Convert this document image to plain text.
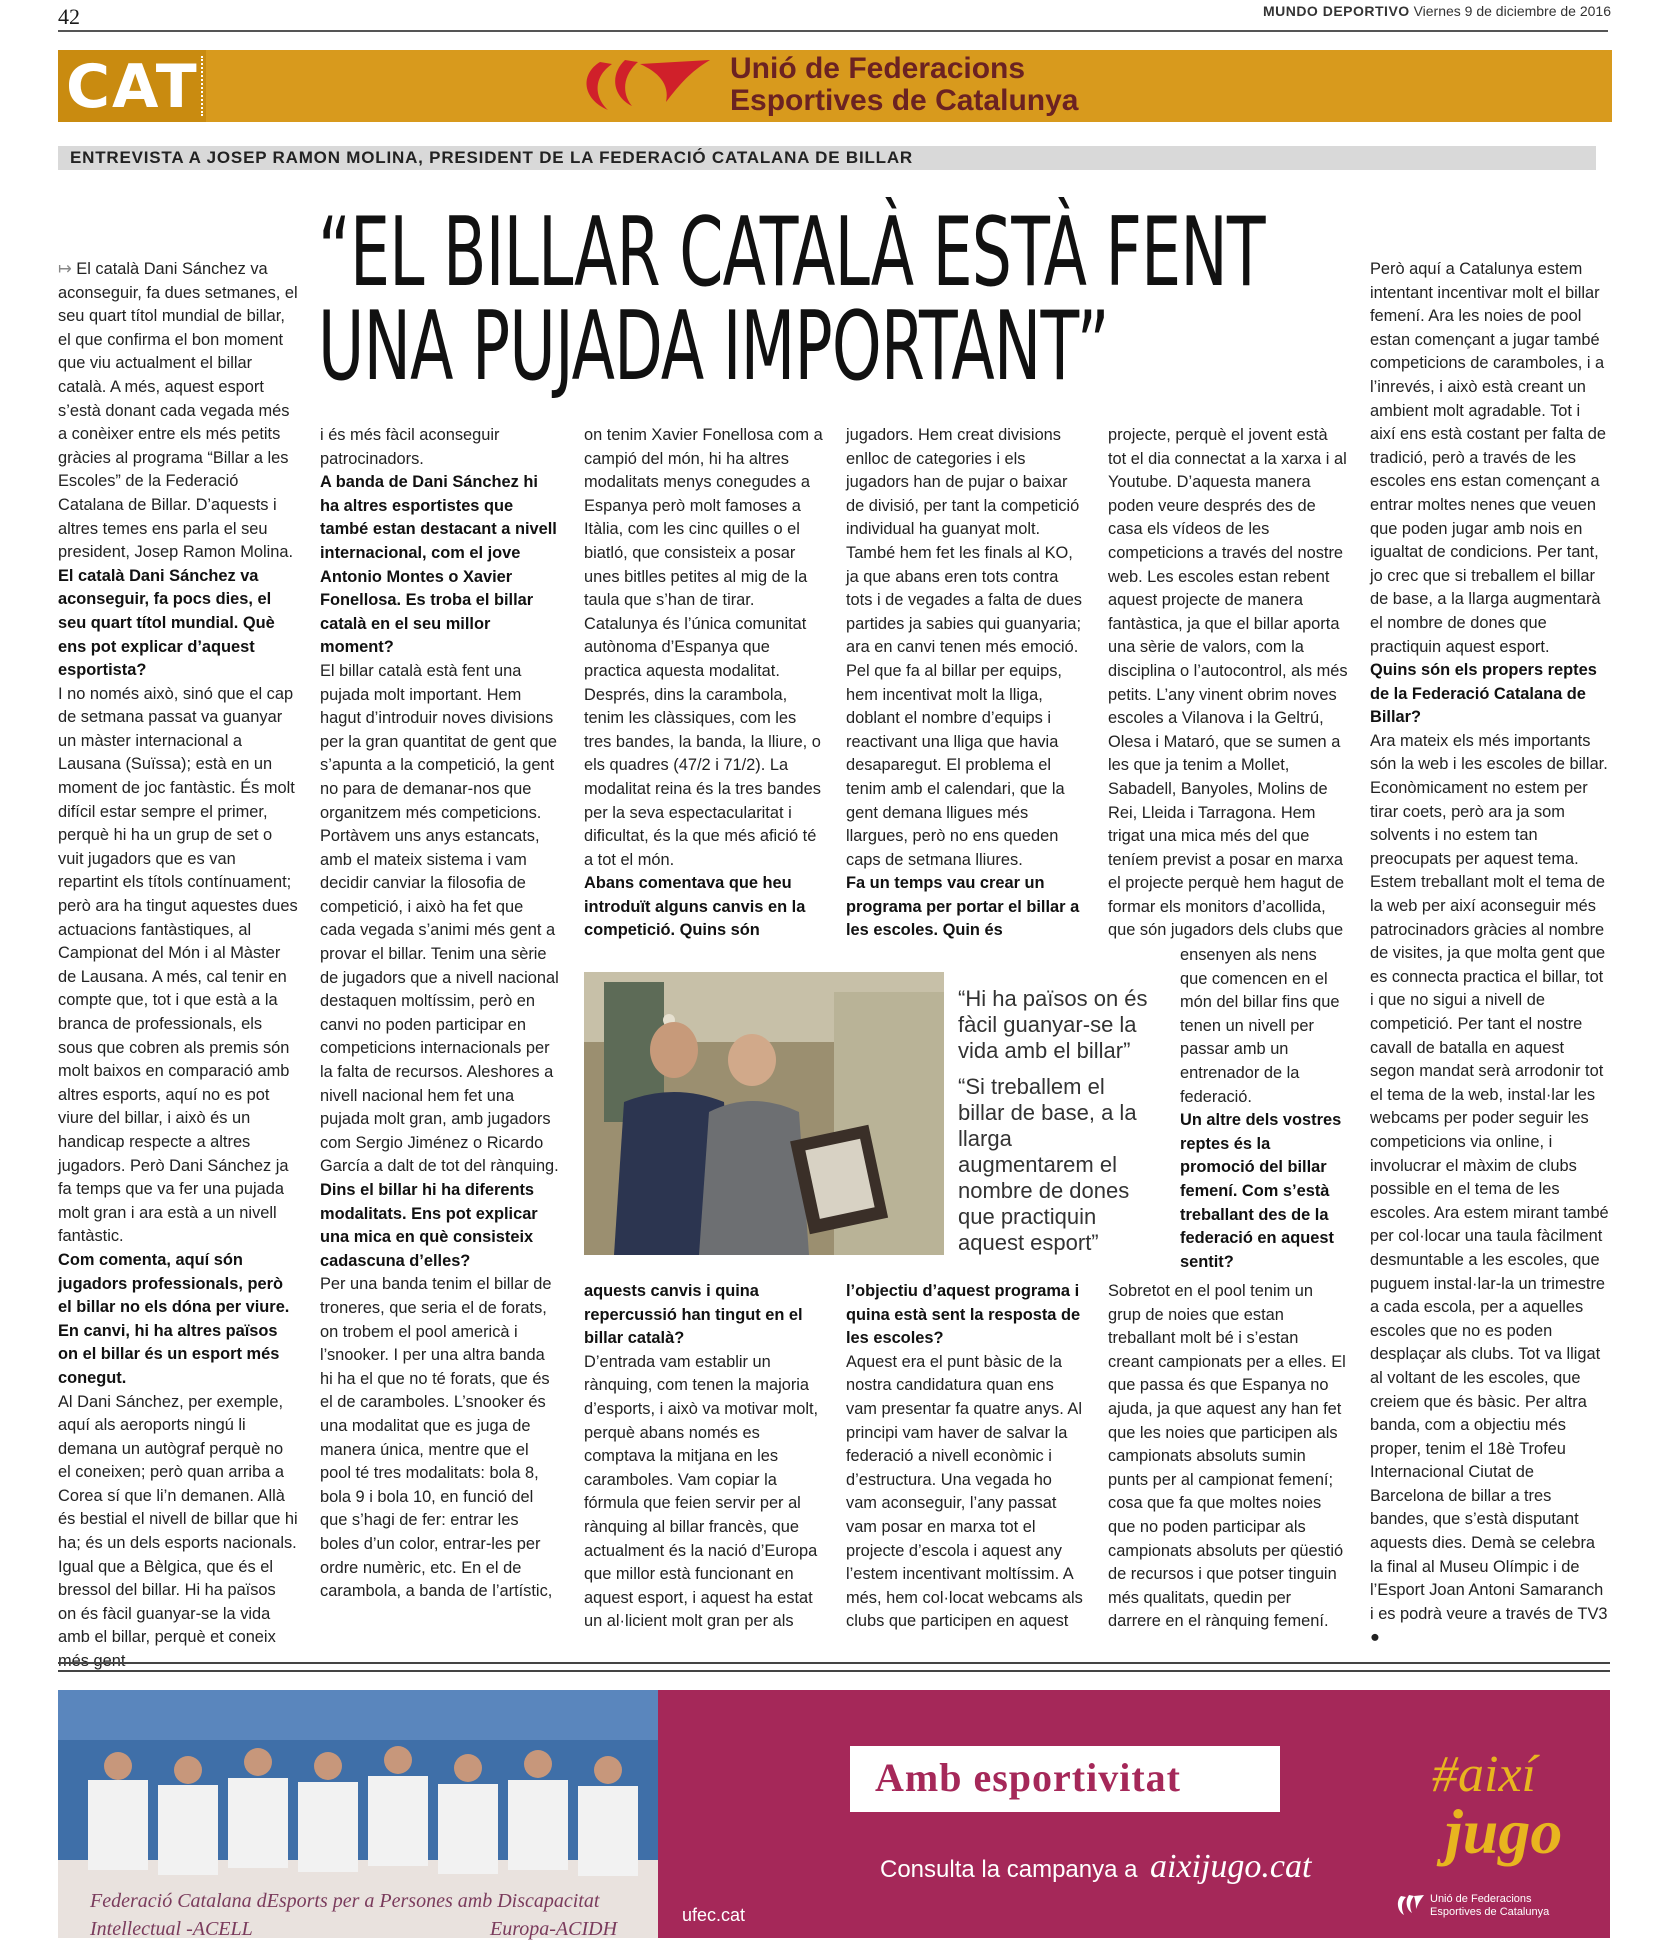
42	MUNDO DEPORTIVO Viernes 9 de diciembre de 2016
CAT	Unió de Federacions
Esportives de Catalunya
ENTREVISTA A JOSEP RAMON MOLINA, PRESIDENT DE LA FEDERACIÓ CATALANA DE BILLAR
“EL BILLAR CATALÀ ESTÀ FENT
UNA PUJADA IMPORTANT”

↦ El català Dani Sánchez va aconseguir, fa dues setmanes, el seu quart títol mundial de billar, el que confirma el bon moment que viu actualment el billar català. A més, aquest esport s’està donant cada vegada més a conèixer entre els més petits gràcies al programa “Billar a les Escoles” de la Federació Catalana de Billar. D’aquests i altres temes ens parla el seu president, Josep Ramon Molina.

El català Dani Sánchez va aconseguir, fa pocs dies, el seu quart títol mundial. Què ens pot explicar d’aquest esportista?

I no només això, sinó que el cap de setmana passat va guanyar un màster internacional a Lausana (Suïssa); està en un moment de joc fantàstic. És molt difícil estar sempre el primer, perquè hi ha un grup de set o vuit jugadors que es van repartint els títols contínuament; però ara ha tingut aquestes dues actuacions fantàstiques, al Campionat del Món i al Màster de Lausana. A més, cal tenir en compte que, tot i que està a la branca de professionals, els sous que cobren als premis són molt baixos en comparació amb altres esports, aquí no es pot viure del billar, i això és un handicap respecte a altres jugadors. Però Dani Sánchez ja fa temps que va fer una pujada molt gran i ara està a un nivell fantàstic.

Com comenta, aquí són jugadors professionals, però el billar no els dóna per viure. En canvi, hi ha altres països on el billar és un esport més conegut.

Al Dani Sánchez, per exemple, aquí als aeroports ningú li demana un autògraf perquè no el coneixen; però quan arriba a Corea sí que li’n demanen. Allà és bestial el nivell de billar que hi ha; és un dels esports nacionals. Igual que a Bèlgica, que és el bressol del billar. Hi ha països on és fàcil guanyar-se la vida amb el billar, perquè et coneix més gent

i és més fàcil aconseguir patrocinadors.

A banda de Dani Sánchez hi ha altres esportistes que també estan destacant a nivell internacional, com el jove Antonio Montes o Xavier Fonellosa. Es troba el billar català en el seu millor moment?

El billar català està fent una pujada molt important. Hem hagut d’introduir noves divisions per la gran quantitat de gent que s’apunta a la competició, la gent no para de demanar-nos que organitzem més competicions. Portàvem uns anys estancats, amb el mateix sistema i vam decidir canviar la filosofia de competició, i això ha fet que cada vegada s’animi més gent a provar el billar. Tenim una sèrie de jugadors que a nivell nacional destaquen moltíssim, però en canvi no poden participar en competicions internacionals per la falta de recursos. Aleshores a nivell nacional hem fet una pujada molt gran, amb jugadors com Sergio Jiménez o Ricardo García a dalt de tot del rànquing.

Dins el billar hi ha diferents modalitats. Ens pot explicar una mica en què consisteix cadascuna d’elles?

Per una banda tenim el billar de troneres, que seria el de forats, on trobem el pool americà i l’snooker. I per una altra banda hi ha el que no té forats, que és el de caramboles. L’snooker és una modalitat que es juga de manera única, mentre que el pool té tres modalitats: bola 8, bola 9 i bola 10, en funció del que s’hagi de fer: entrar les boles d’un color, entrar-les per ordre numèric, etc. En el de carambola, a banda de l’artístic,

on tenim Xavier Fonellosa com a campió del món, hi ha altres modalitats menys conegudes a Espanya però molt famoses a Itàlia, com les cinc quilles o el biatló, que consisteix a posar unes bitlles petites al mig de la taula que s’han de tirar. Catalunya és l’única comunitat autònoma d’Espanya que practica aquesta modalitat. Després, dins la carambola, tenim les clàssiques, com les tres bandes, la banda, la lliure, o els quadres (47/2 i 71/2). La modalitat reina és la tres bandes per la seva espectacularitat i dificultat, és la que més afició té a tot el món.

Abans comentava que heu introduït alguns canvis en la competició. Quins són

jugadors. Hem creat divisions enlloc de categories i els jugadors han de pujar o baixar de divisió, per tant la competició individual ha guanyat molt. També hem fet les finals al KO, ja que abans eren tots contra tots i de vegades a falta de dues partides ja sabies qui guanyaria; ara en canvi tenen més emoció. Pel que fa al billar per equips, hem incentivat molt la lliga, doblant el nombre d’equips i reactivant una lliga que havia desaparegut. El problema el tenim amb el calendari, que la gent demana lligues més llargues, però no ens queden caps de setmana lliures.

Fa un temps vau crear un programa per portar el billar a les escoles. Quin és

projecte, perquè el jovent està tot el dia connectat a la xarxa i al Youtube. D’aquesta manera poden veure després des de casa els vídeos de les competicions a través del nostre web. Les escoles estan rebent aquest projecte de manera fantàstica, ja que el billar aporta una sèrie de valors, com la disciplina o l’autocontrol, als més petits. L’any vinent obrim noves escoles a Vilanova i la Geltrú, Olesa i Mataró, que se sumen a les que ja tenim a Mollet, Sabadell, Banyoles, Molins de Rei, Lleida i Tarragona. Hem trigat una mica més del que teníem previst a posar en marxa el projecte perquè hem hagut de formar els monitors d’acollida, que són jugadors dels clubs que

“Hi ha països on és fàcil guanyar-se la vida amb el billar”
“Si treballem el billar de base, a la llarga augmentarem el nombre de dones que practiquin aquest esport”

aquests canvis i quina repercussió han tingut en el billar català?

D’entrada vam establir un rànquing, com tenen la majoria d’esports, i això va motivar molt, perquè abans només es comptava la mitjana en les caramboles. Vam copiar la fórmula que feien servir per al rànquing al billar francès, que actualment és la nació d’Europa que millor està funcionant en aquest esport, i aquest ha estat un al·licient molt gran per als

l’objectiu d’aquest programa i quina està sent la resposta de les escoles?

Aquest era el punt bàsic de la nostra candidatura quan ens vam presentar fa quatre anys. Al principi vam haver de salvar la federació a nivell econòmic i d’estructura. Una vegada ho vam aconseguir, l’any passat vam posar en marxa tot el projecte d’escola i aquest any l’estem incentivant moltíssim. A més, hem col·locat webcams als clubs que participen en aquest

ensenyen als nens que comencen en el món del billar fins que tenen un nivell per passar amb un entrenador de la federació.

Un altre dels vostres reptes és la promoció del billar femení. Com s’està treballant des de la federació en aquest sentit?

Sobretot en el pool tenim un grup de noies que estan treballant molt bé i s’estan creant campionats per a elles. El que passa és que Espanya no ajuda, ja que aquest any han fet que les noies que participen als campionats absoluts sumin punts per al campionat femení; cosa que fa que moltes noies que no poden participar als campionats absoluts per qüestió de recursos i que potser tinguin més qualitats, quedin per darrere en el rànquing femení.

Però aquí a Catalunya estem intentant incentivar molt el billar femení. Ara les noies de pool estan començant a jugar també competicions de caramboles, i a l’inrevés, i això està creant un ambient molt agradable. Tot i així ens està costant per falta de tradició, però a través de les escoles ens estan començant a entrar moltes nenes que veuen que poden jugar amb nois en igualtat de condicions. Per tant, jo crec que si treballem el billar de base, a la llarga augmentarà el nombre de dones que practiquin aquest esport.

Quins són els propers reptes de la Federació Catalana de Billar?

Ara mateix els més importants són la web i les escoles de billar. Econòmicament no estem per tirar coets, però ara ja som solvents i no estem tan preocupats per aquest tema. Estem treballant molt el tema de la web per així aconseguir més patrocinadors gràcies al nombre de visites, ja que molta gent que es connecta practica el billar, tot i que no sigui a nivell de competició. Per tant el nostre cavall de batalla en aquest segon mandat serà arrodonir tot el tema de la web, instal·lar les webcams per poder seguir les competicions via online, i involucrar el màxim de clubs possible en el tema de les escoles. Ara estem mirant també per col·locar una taula fàcilment desmuntable a les escoles, que puguem instal·lar-la un trimestre a cada escola, per a aquelles escoles que no es poden desplaçar als clubs. Tot va lligat al voltant de les escoles, que creiem que és bàsic. Per altra banda, com a objectiu més proper, tenim el 18è Trofeu Internacional Ciutat de Barcelona de billar a tres bandes, que s’està disputant aquests dies. Demà se celebra la final al Museu Olímpic i de l’Esport Joan Antoni Samaranch i es podrà veure a través de TV3 ●

Federació Catalana dEsports per a Persones amb Discapacitat
Intellectual -ACELL	Europa-ACIDH
ufec.cat
Amb esportivitat
Consulta la campanya a aixijugo.cat
#així
jugo
Unió de Federacions Esportives de Catalunya
